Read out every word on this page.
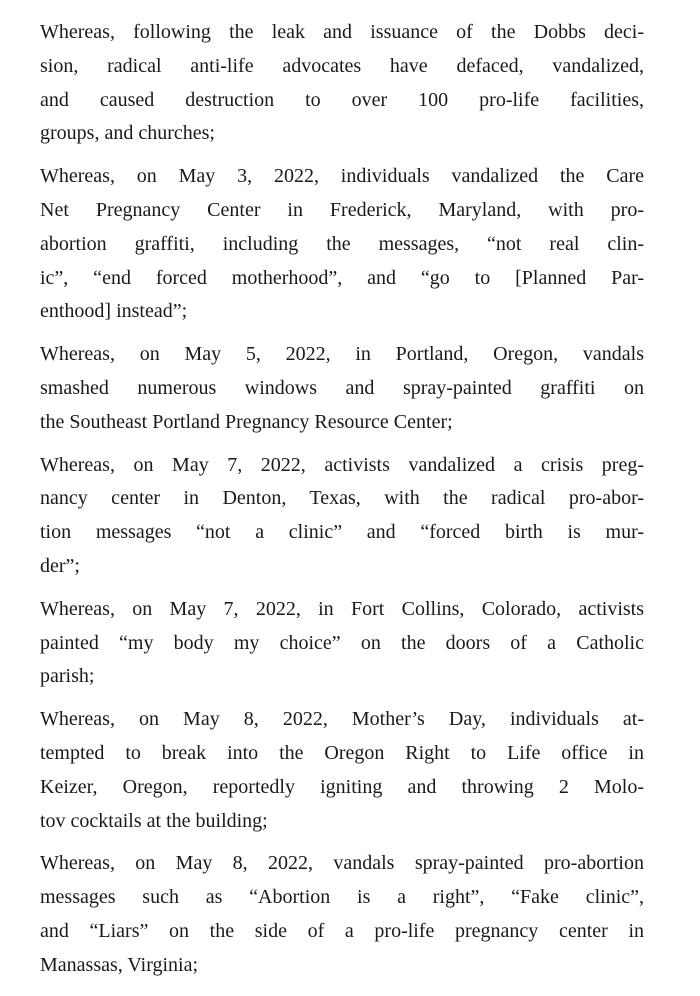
Whereas, following the leak and issuance of the Dobbs deci-
sion, radical anti-life advocates have defaced, vandalized,
and caused destruction to over 100 pro-life facilities,
groups, and churches;

Whereas, on May 3, 2022, individuals vandalized the Care
Net Pregnancy Center in Frederick, Maryland, with pro-
abortion graffiti, including the messages, “not real clin-
ic”, “end forced motherhood”, and “go to [Planned Par-
enthood] instead”;

Whereas, on May 5, 2022, in Portland, Oregon, vandals
smashed numerous windows and spray-painted graffiti on
the Southeast Portland Pregnancy Resource Center;

Whereas, on May 7, 2022, activists vandalized a crisis preg-
nancy center in Denton, Texas, with the radical pro-abor-
tion messages “not a clinic” and “forced birth is mur-
der”;

Whereas, on May 7, 2022, in Fort Collins, Colorado, activists
painted “my body my choice” on the doors of a Catholic
parish;

Whereas, on May 8, 2022, Mother’s Day, individuals at-
tempted to break into the Oregon Right to Life office in
Keizer, Oregon, reportedly igniting and throwing 2 Molo-
tov cocktails at the building;

Whereas, on May 8, 2022, vandals spray-painted pro-abortion
messages such as “Abortion is a right”, “Fake clinic”,
and “Liars” on the side of a pro-life pregnancy center in
Manassas, Virginia;
